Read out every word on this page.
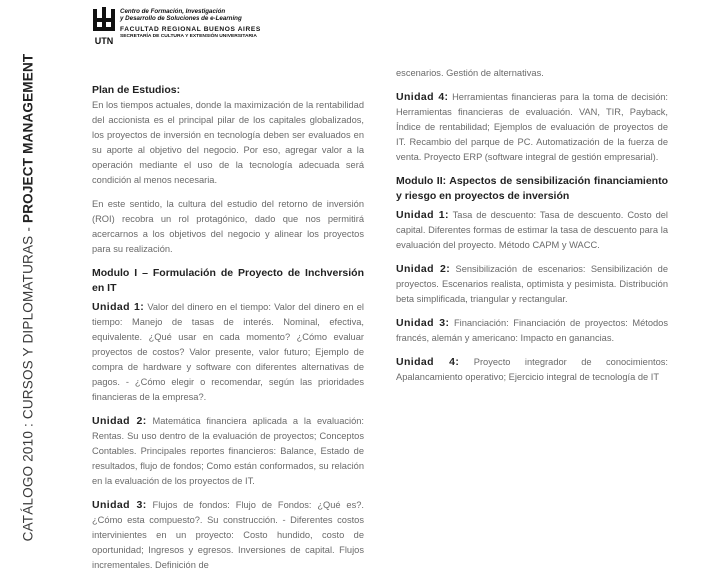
CATÁLOGO 2010 : CURSOS Y DIPLOMATURAS - PROJECT MANAGEMENT
UTN
Centro de Formación, Investigación
y Desarrollo de Soluciones de e-Learning
FACULTAD REGIONAL BUENOS AIRES
SECRETARÍA DE CULTURA Y EXTENSIÓN UNIVERSITARIA
Plan de Estudios:

En los tiempos actuales, donde la maximización de la rentabilidad del accionista es el principal pilar de los capitales globalizados, los proyectos de inversión en tecnología deben ser evaluados en su aporte al objetivo del negocio. Por eso, agregar valor a la operación mediante el uso de la tecnología adecuada será condición al menos necesaria.

En este sentido, la cultura del estudio del retorno de inversión (ROI) recobra un rol protagónico, dado que nos permitirá acercarnos a los objetivos del negocio y alinear los proyectos para su realización.

Modulo I – Formulación de Proyecto de Inchversión en IT

Unidad 1: Valor del dinero en el tiempo: Valor del dinero en el tiempo: Manejo de tasas de interés. Nominal, efectiva, equivalente. ¿Qué usar en cada momento? ¿Cómo evaluar proyectos de costos? Valor presente, valor futuro; Ejemplo de compra de hardware y software con diferentes alternativas de pagos. - ¿Cómo elegir o recomendar, según las prioridades financieras de la empresa?.

Unidad 2: Matemática financiera aplicada a la evaluación: Rentas. Su uso dentro de la evaluación de proyectos; Conceptos Contables. Principales reportes financieros: Balance, Estado de resultados, flujo de fondos; Como están conformados, su relación en la evaluación de los proyectos de IT.

Unidad 3: Flujos de fondos: Flujo de Fondos: ¿Qué es?. ¿Cómo esta compuesto?. Su construcción. - Diferentes costos intervinientes en un proyecto: Costo hundido, costo de oportunidad; Ingresos y egresos. Inversiones de capital. Flujos incrementales. Definición de

escenarios. Gestión de alternativas.

Unidad 4: Herramientas financieras para la toma de decisión: Herramientas financieras de evaluación. VAN, TIR, Payback, Índice de rentabilidad; Ejemplos de evaluación de proyectos de IT. Recambio del parque de PC. Automatización de la fuerza de venta. Proyecto ERP (software integral de gestión empresarial).

Modulo II: Aspectos de sensibilización financiamiento y riesgo en proyectos de inversión

Unidad 1: Tasa de descuento: Tasa de descuento. Costo del capital. Diferentes formas de estimar la tasa de descuento para la evaluación del proyecto. Método CAPM y WACC.

Unidad 2: Sensibilización de escenarios: Sensibilización de proyectos. Escenarios realista, optimista y pesimista. Distribución beta simplificada, triangular y rectangular.

Unidad 3: Financiación: Financiación de proyectos: Métodos francés, alemán y americano: Impacto en ganancias.

Unidad 4: Proyecto integrador de conocimientos: Apalancamiento operativo; Ejercicio integral de tecnología de IT
